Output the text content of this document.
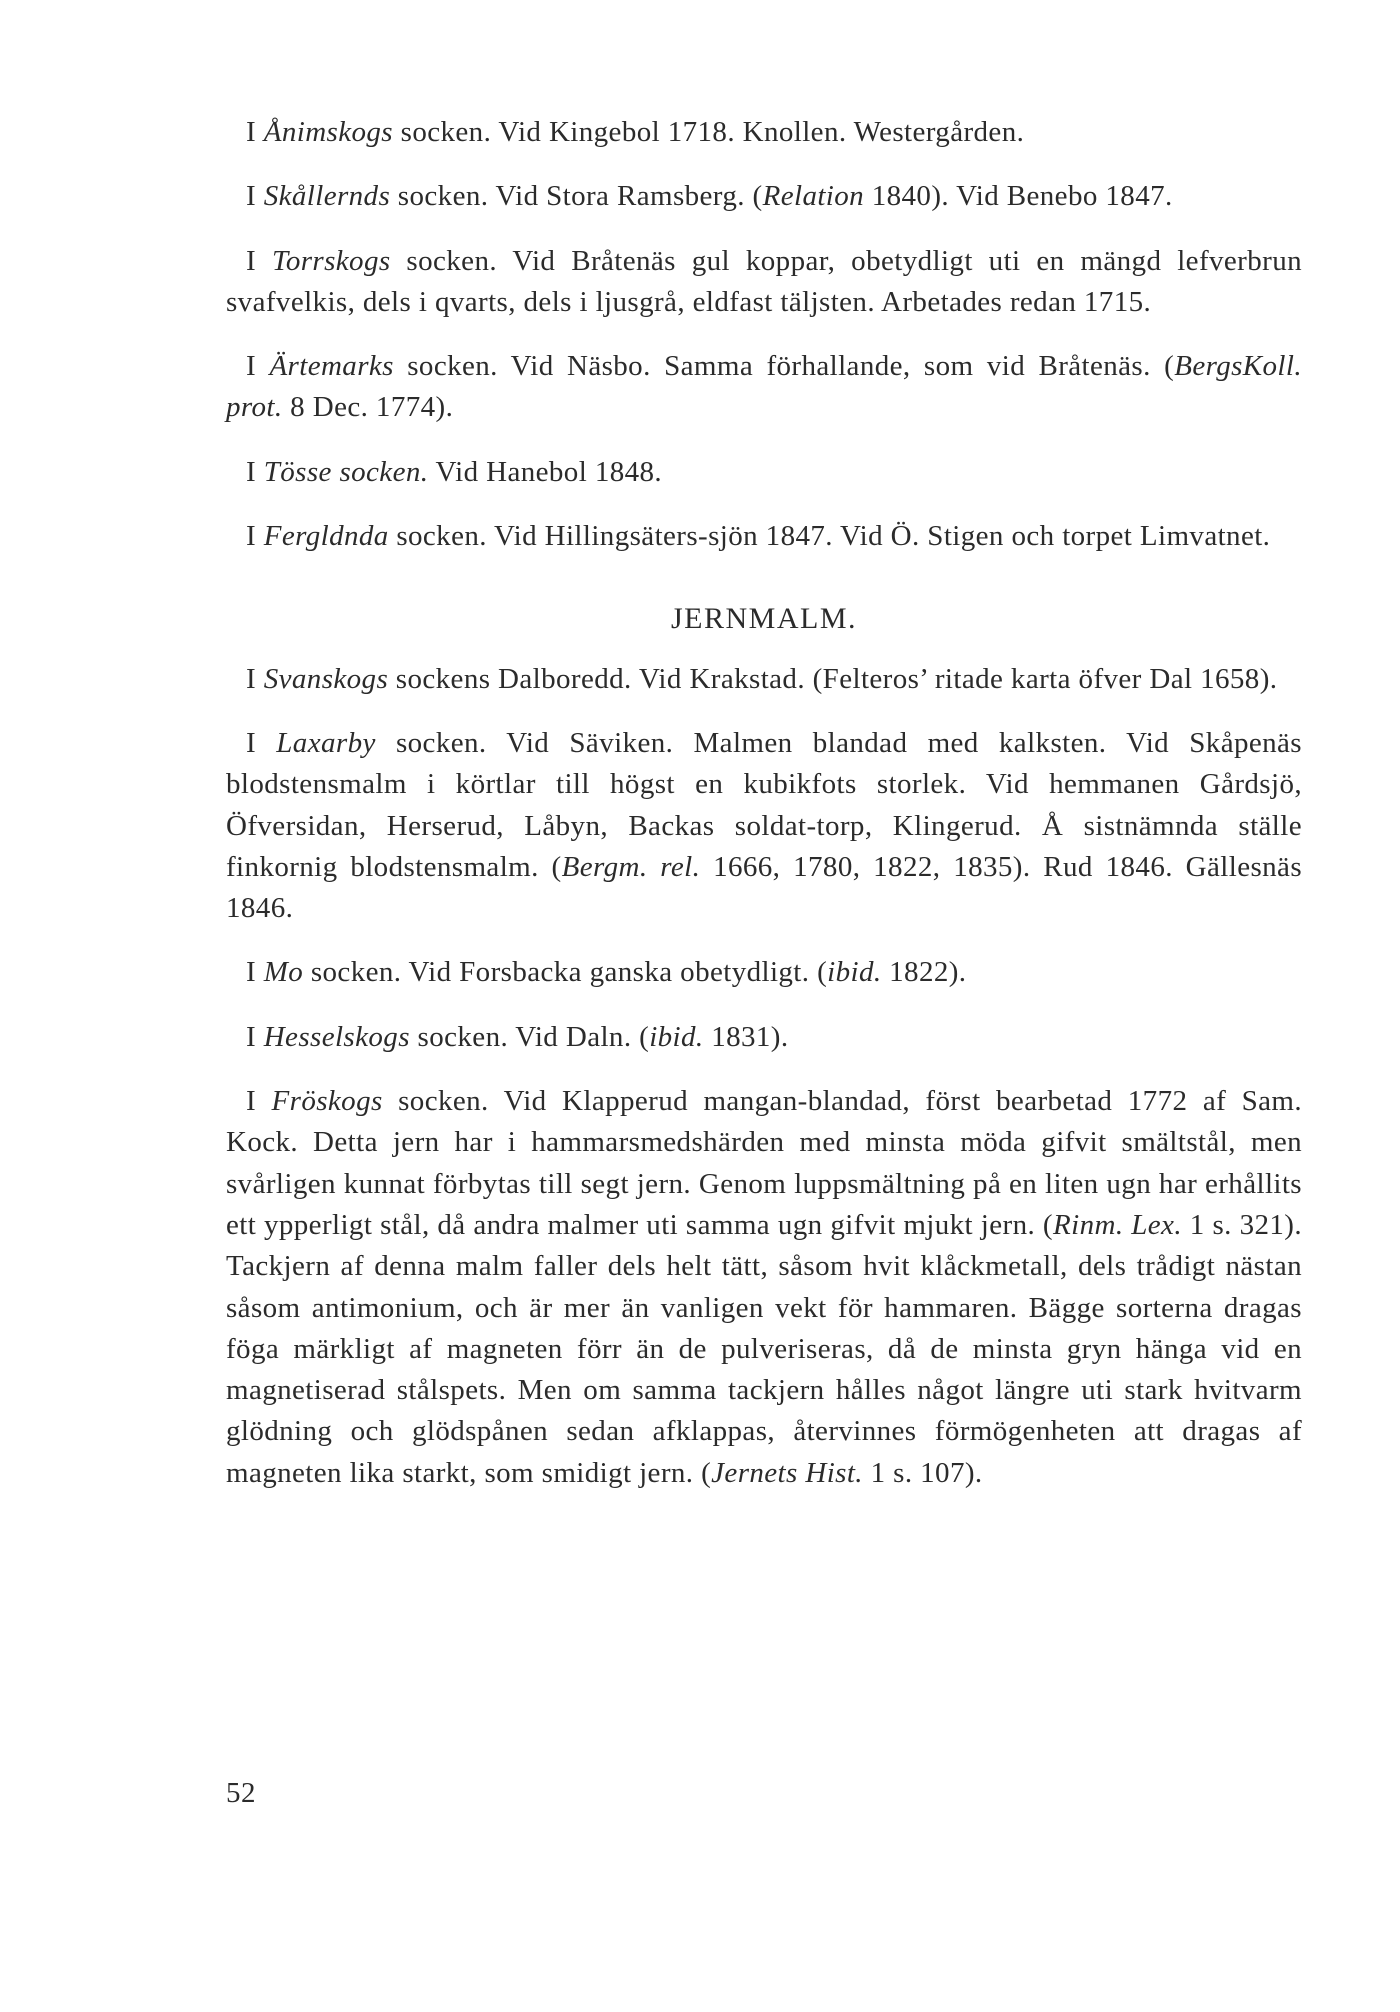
I Ånimskogs socken. Vid Kingebol 1718. Knollen. Westergården.

I Skållernds socken. Vid Stora Ramsberg. (Relation 1840). Vid Benebo 1847.

I Torrskogs socken. Vid Bråtenäs gul koppar, obetydligt uti en mängd lefverbrun svafvelkis, dels i qvarts, dels i ljusgrå, eldfast täljsten. Arbetades redan 1715.

I Ärtemarks socken. Vid Näsbo. Samma förhallande, som vid Bråtenäs. (BergsKoll. prot. 8 Dec. 1774).

I Tösse socken. Vid Hanebol 1848.

I Fergldnda socken. Vid Hillingsäters-sjön 1847. Vid Ö. Stigen och torpet Limvatnet.

JERNMALM.

I Svanskogs sockens Dalboredd. Vid Krakstad. (Felteros’ ritade karta öfver Dal 1658).

I Laxarby socken. Vid Säviken. Malmen blandad med kalksten. Vid Skåpenäs blodstensmalm i körtlar till högst en kubikfots storlek. Vid hemmanen Gårdsjö, Öfversidan, Herserud, Låbyn, Backas soldat-torp, Klingerud. Å sistnämnda ställe finkornig blodstensmalm. (Bergm. rel. 1666, 1780, 1822, 1835). Rud 1846. Gällesnäs 1846.

I Mo socken. Vid Forsbacka ganska obetydligt. (ibid. 1822).

I Hesselskogs socken. Vid Daln. (ibid. 1831).

I Fröskogs socken. Vid Klapperud mangan-blandad, först bearbetad 1772 af Sam. Kock. Detta jern har i hammarsmedshärden med minsta möda gifvit smältstål, men svårligen kunnat förbytas till segt jern. Genom luppsmältning på en liten ugn har erhållits ett ypperligt stål, då andra malmer uti samma ugn gifvit mjukt jern. (Rinm. Lex. 1 s. 321). Tackjern af denna malm faller dels helt tätt, såsom hvit klåckmetall, dels trådigt nästan såsom antimonium, och är mer än vanligen vekt för hammaren. Bägge sorterna dragas föga märkligt af magneten förr än de pulveriseras, då de minsta gryn hänga vid en magnetiserad stålspets. Men om samma tackjern hålles något längre uti stark hvitvarm glödning och glödspånen sedan afklappas, återvinnes förmögenheten att dragas af magneten lika starkt, som smidigt jern. (Jernets Hist. 1 s. 107).

52
